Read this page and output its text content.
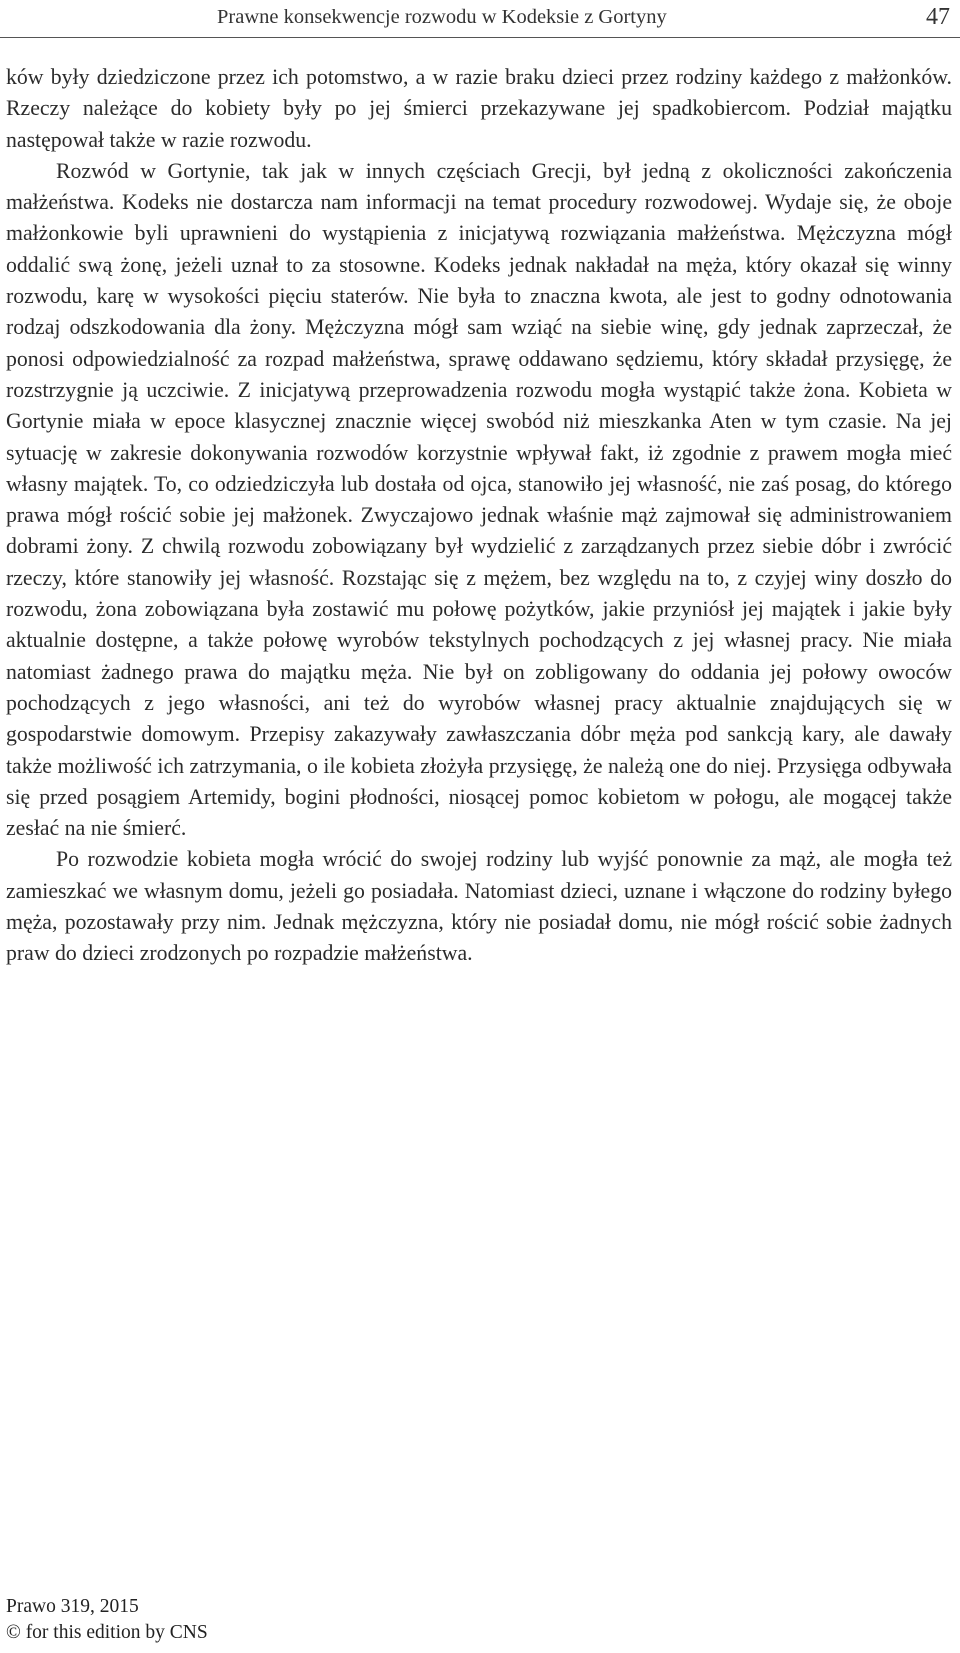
Prawne konsekwencje rozwodu w Kodeksie z Gortyny	47

ków były dziedziczone przez ich potomstwo, a w razie braku dzieci przez rodziny każdego z małżonków. Rzeczy należące do kobiety były po jej śmierci przekazywane jej spadkobiercom. Podział majątku następował także w razie rozwodu.

Rozwód w Gortynie, tak jak w innych częściach Grecji, był jedną z okoliczności zakończenia małżeństwa. Kodeks nie dostarcza nam informacji na temat procedury rozwodowej. Wydaje się, że oboje małżonkowie byli uprawnieni do wystąpienia z inicjatywą rozwiązania małżeństwa. Mężczyzna mógł oddalić swą żonę, jeżeli uznał to za stosowne. Kodeks jednak nakładał na męża, który okazał się winny rozwodu, karę w wysokości pięciu staterów. Nie była to znaczna kwota, ale jest to godny odnotowania rodzaj odszkodowania dla żony. Mężczyzna mógł sam wziąć na siebie winę, gdy jednak zaprzeczał, że ponosi odpowiedzialność za rozpad małżeństwa, sprawę oddawano sędziemu, który składał przysięgę, że rozstrzygnie ją uczciwie. Z inicjatywą przeprowadzenia rozwodu mogła wystąpić także żona. Kobieta w Gortynie miała w epoce klasycznej znacznie więcej swobód niż mieszkanka Aten w tym czasie. Na jej sytuację w zakresie dokonywania rozwodów korzystnie wpływał fakt, iż zgodnie z prawem mogła mieć własny majątek. To, co odziedziczyła lub dostała od ojca, stanowiło jej własność, nie zaś posag, do którego prawa mógł rościć sobie jej małżonek. Zwyczajowo jednak właśnie mąż zajmował się administrowaniem dobrami żony. Z chwilą rozwodu zobowiązany był wydzielić z zarządzanych przez siebie dóbr i zwrócić rzeczy, które stanowiły jej własność. Rozstając się z mężem, bez względu na to, z czyjej winy doszło do rozwodu, żona zobowiązana była zostawić mu połowę pożytków, jakie przyniósł jej majątek i jakie były aktualnie dostępne, a także połowę wyrobów tekstylnych pochodzących z jej własnej pracy. Nie miała natomiast żadnego prawa do majątku męża. Nie był on zobligowany do oddania jej połowy owoców pochodzących z jego własności, ani też do wyrobów własnej pracy aktualnie znajdujących się w gospodarstwie domowym. Przepisy zakazywały zawłaszczania dóbr męża pod sankcją kary, ale dawały także możliwość ich zatrzymania, o ile kobieta złożyła przysięgę, że należą one do niej. Przysięga odbywała się przed posągiem Artemidy, bogini płodności, niosącej pomoc kobietom w połogu, ale mogącej także zesłać na nie śmierć.

Po rozwodzie kobieta mogła wrócić do swojej rodziny lub wyjść ponownie za mąż, ale mogła też zamieszkać we własnym domu, jeżeli go posiadała. Natomiast dzieci, uznane i włączone do rodziny byłego męża, pozostawały przy nim. Jednak mężczyzna, który nie posiadał domu, nie mógł rościć sobie żadnych praw do dzieci zrodzonych po rozpadzie małżeństwa.

Prawo 319, 2015
© for this edition by CNS
